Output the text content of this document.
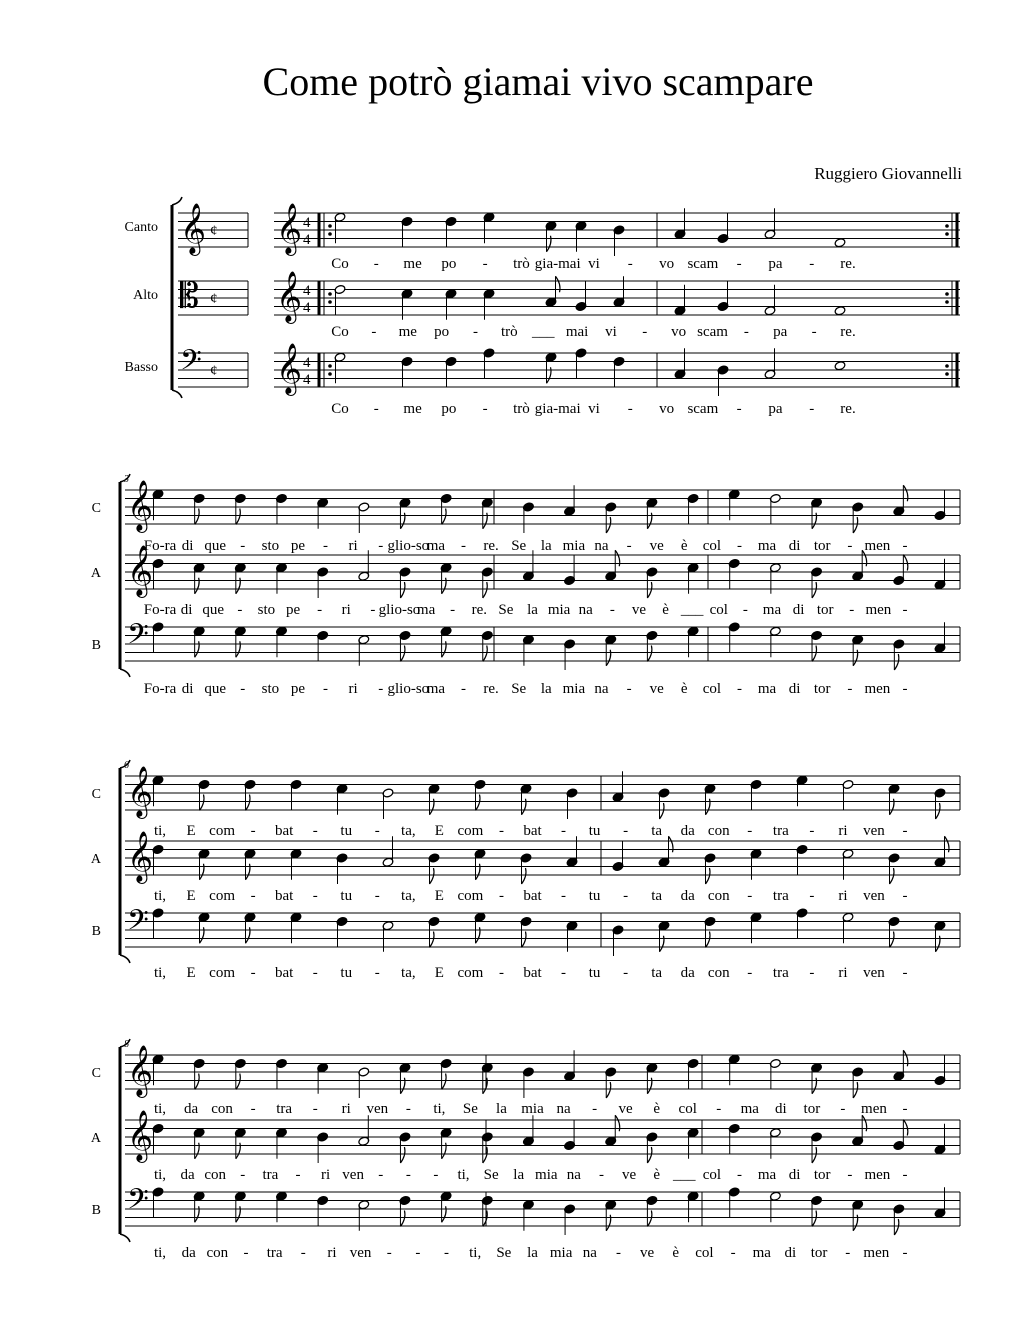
Come potrò giamai vivo scampare
Ruggiero Giovannelli
Canto 𝄞 ¢ 𝄞 4
4
Co - me po - trò gia-mai vi - vo scam - pa - re.
Alto 𝄡 ¢ 𝄞 4
4
Co - me po - trò ___ mai vi - vo scam - pa - re.
Basso 𝄢 ¢ 𝄞 4
4
Co - me po - trò gia-mai vi - vo scam - pa - re.
3
C 𝄞
Fo-ra di que - sto pe - ri - glio-so
ma - re. Se la mia na - ve è col - ma di tor - men -
A 𝄞
Fo-ra di que - sto pe - ri - glio-so
ma - re. Se la mia na - ve è ___ col - ma di tor - men -
B 𝄢
Fo-ra di que - sto pe - ri - glio-so
ma - re. Se la mia na - ve è col - ma di tor - men -
6
C 𝄞
ti, E com - bat - tu - ta, E com - bat - tu - ta da con - tra - ri ven -
A 𝄞
ti, E com - bat - tu - ta, E com - bat - tu - ta da con - tra - ri ven -
B 𝄢
ti, E com - bat - tu - ta, E com - bat - tu - ta da con - tra - ri ven -
8
C 𝄞
ti, da con - tra - ri ven - ti, Se la mia na - ve è col - ma di tor - men -
A 𝄞
ti, da con - tra - ri ven - - - ti, Se la mia na - ve è ___ col - ma di tor - men -
B 𝄢
ti, da con - tra - ri ven - - - ti, Se la mia na - ve è col - ma di tor - men -
